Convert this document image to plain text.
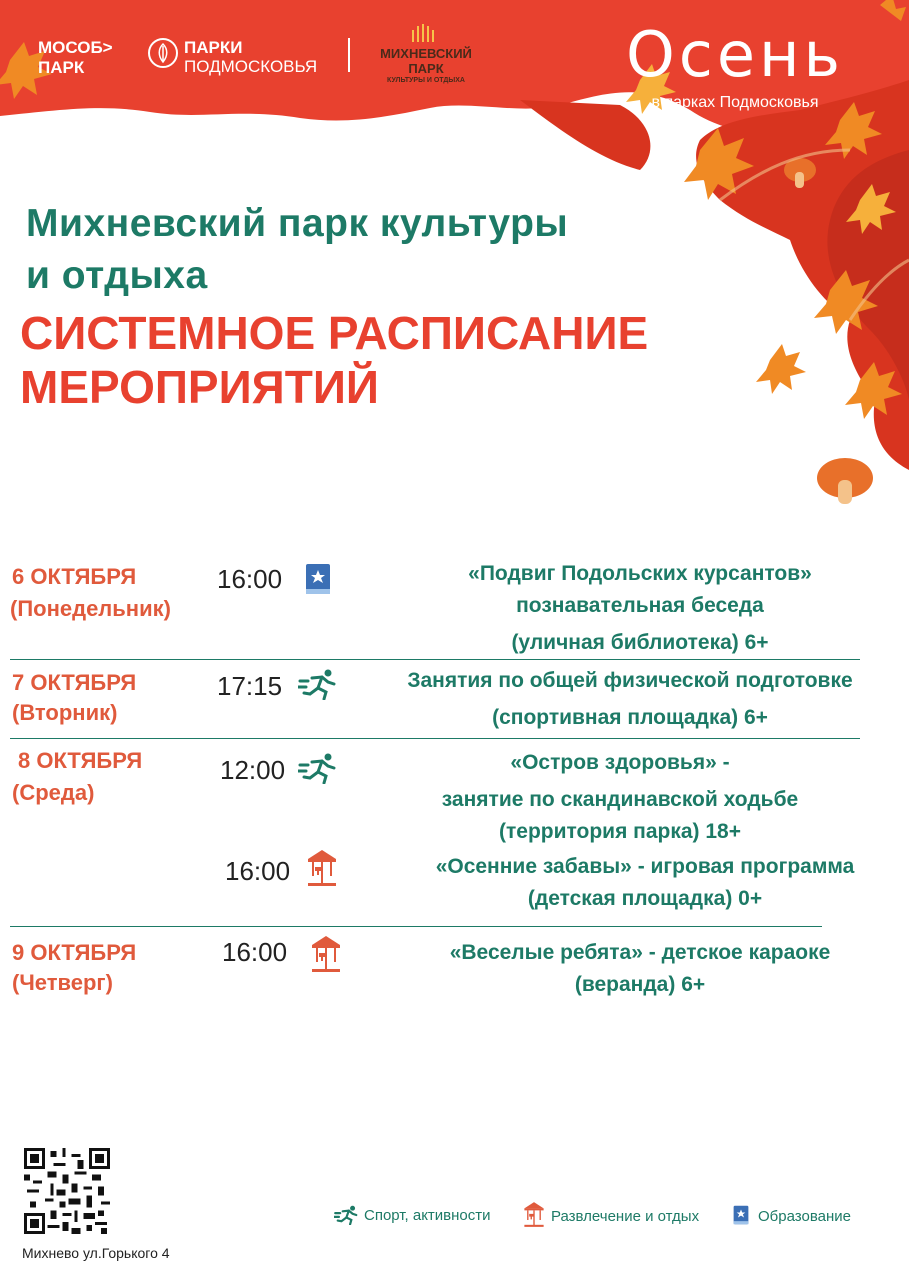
МОСОБ>
ПАРК
ПАРКИ
ПОДМОСКОВЬЯ
МИХНЕВСКИЙ ПАРК
КУЛЬТУРЫ И ОТДЫХА	Осень
в парках Подмосковья
Михневский парк культуры
и отдыха
СИСТЕМНОЕ РАСПИСАНИЕ
МЕРОПРИЯТИЙ
6 ОКТЯБРЯ
(Понедельник)
16:00	«Подвиг Подольских курсантов»
познавательная беседа
(уличная библиотека) 6+
7 ОКТЯБРЯ
(Вторник)
17:15	Занятия по общей физической подготовке
(спортивная площадка) 6+
8 ОКТЯБРЯ
(Среда)
12:00	«Остров здоровья» -
занятие по скандинавской ходьбе
(территория парка) 18+
16:00	«Осенние забавы» - игровая программа
(детская площадка) 0+
9 ОКТЯБРЯ
(Четверг)
16:00	«Веселые ребята» - детское караоке
(веранда) 6+
Михнево ул.Горького 4
Спорт, активности	Развлечение и отдых	Образование
